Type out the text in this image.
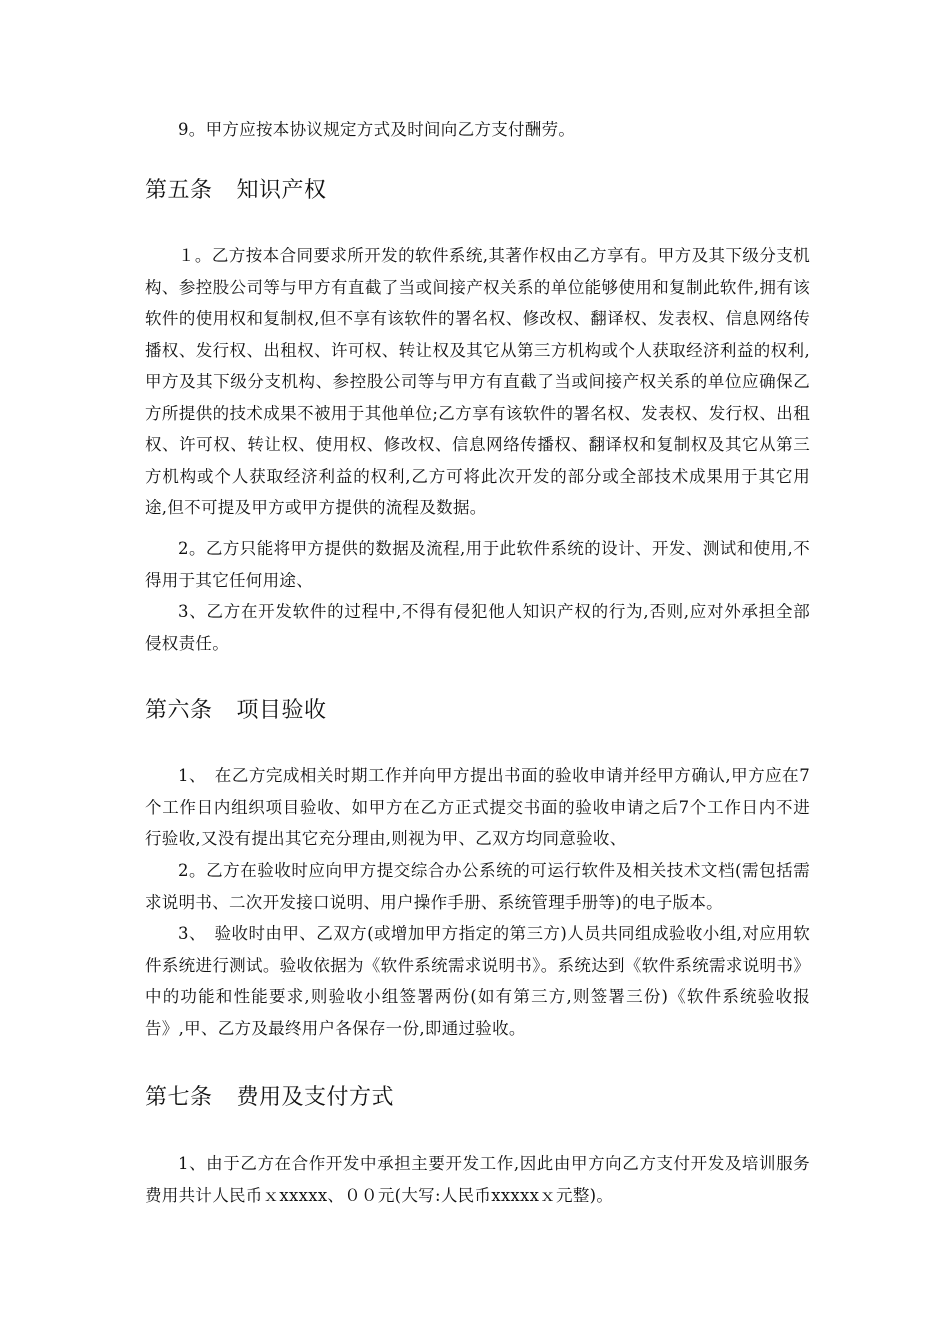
9。甲方应按本协议规定方式及时间向乙方支付酬劳。

第五条 知识产权

１。乙方按本合同要求所开发的软件系统,其著作权由乙方享有。甲方及其下级分支机构、参控股公司等与甲方有直截了当或间接产权关系的单位能够使用和复制此软件,拥有该软件的使用权和复制权,但不享有该软件的署名权、修改权、翻译权、发表权、信息网络传播权、发行权、出租权、许可权、转让权及其它从第三方机构或个人获取经济利益的权利,甲方及其下级分支机构、参控股公司等与甲方有直截了当或间接产权关系的单位应确保乙方所提供的技术成果不被用于其他单位;乙方享有该软件的署名权、发表权、发行权、出租权、许可权、转让权、使用权、修改权、信息网络传播权、翻译权和复制权及其它从第三方机构或个人获取经济利益的权利,乙方可将此次开发的部分或全部技术成果用于其它用途,但不可提及甲方或甲方提供的流程及数据。

2。乙方只能将甲方提供的数据及流程,用于此软件系统的设计、开发、测试和使用,不得用于其它任何用途、

3、乙方在开发软件的过程中,不得有侵犯他人知识产权的行为,否则,应对外承担全部侵权责任。

第六条 项目验收

1、　在乙方完成相关时期工作并向甲方提出书面的验收申请并经甲方确认,甲方应在7个工作日内组织项目验收、如甲方在乙方正式提交书面的验收申请之后7个工作日内不进行验收,又没有提出其它充分理由,则视为甲、乙双方均同意验收、

2。乙方在验收时应向甲方提交综合办公系统的可运行软件及相关技术文档(需包括需求说明书、二次开发接口说明、用户操作手册、系统管理手册等)的电子版本。

3、　验收时由甲、乙双方(或增加甲方指定的第三方)人员共同组成验收小组,对应用软件系统进行测试。验收依据为《软件系统需求说明书》。系统达到《软件系统需求说明书》中的功能和性能要求,则验收小组签署两份(如有第三方,则签署三份)《软件系统验收报告》,甲、乙方及最终用户各保存一份,即通过验收。

第七条 费用及支付方式

1、由于乙方在合作开发中承担主要开发工作,因此由甲方向乙方支付开发及培训服务费用共计人民币ｘxxxxx、００元(大写:人民币xxxxxｘ元整)。
